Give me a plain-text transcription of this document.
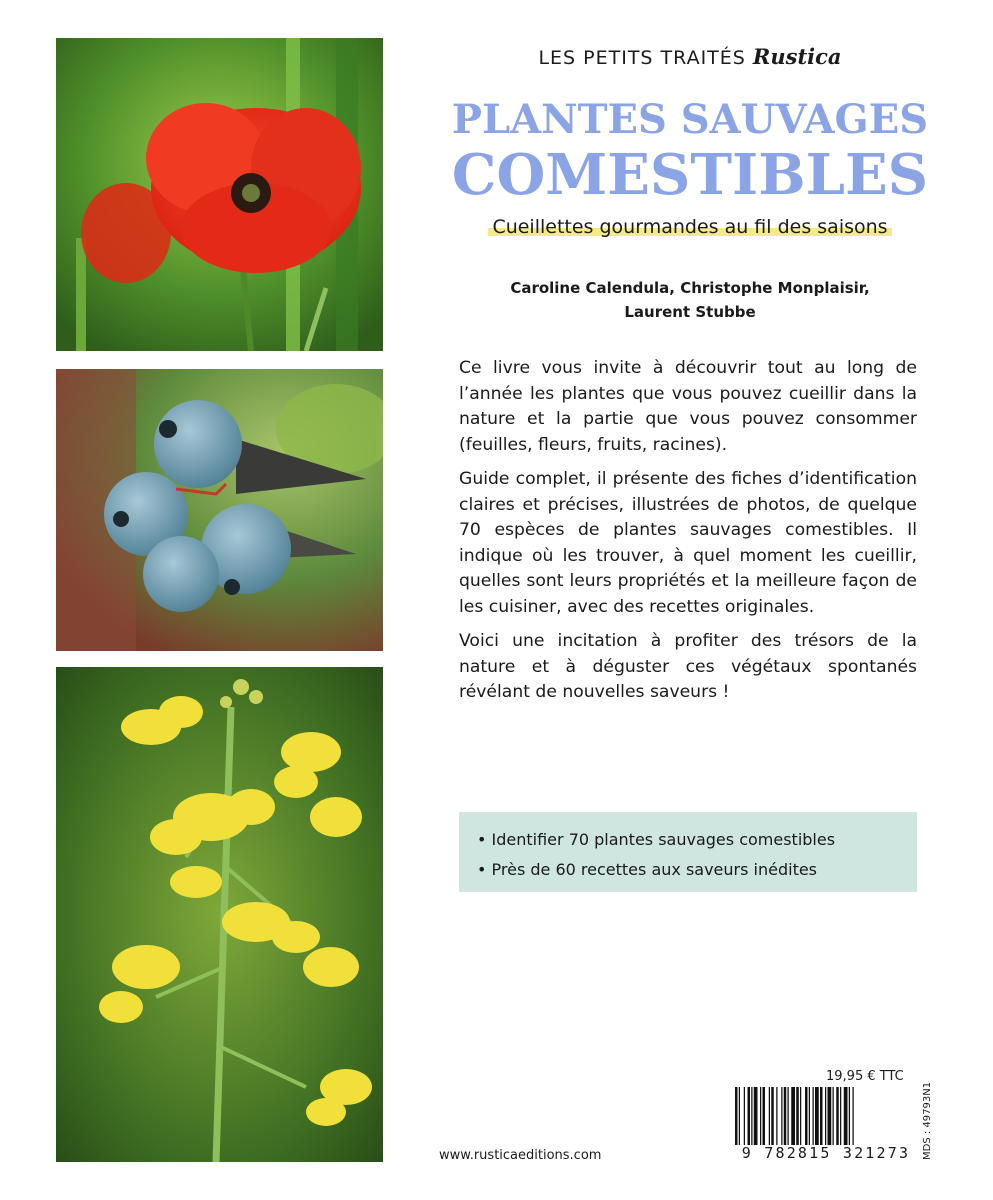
LES PETITS TRAITÉS Rustica
PLANTES SAUVAGES
COMESTIBLES
Cueillettes gourmandes au fil des saisons
Caroline Calendula, Christophe Monplaisir,
Laurent Stubbe

Ce livre vous invite à découvrir tout au long de l’année les plantes que vous pouvez cueillir dans la nature et la partie que vous pouvez consommer (feuilles, fleurs, fruits, racines).

Guide complet, il présente des fiches d’identification claires et précises, illustrées de photos, de quelque 70 espèces de plantes sauvages comestibles. Il indique où les trouver, à quel moment les cueillir, quelles sont leurs propriétés et la meilleure façon de les cuisiner, avec des recettes originales.

Voici une incitation à profiter des trésors de la nature et à déguster ces végétaux spontanés révélant de nouvelles saveurs !

• Identifier 70 plantes sauvages comestibles
• Près de 60 recettes aux saveurs inédites
19,95 € TTC
9 782815 321273	MDS : 49793N1
www.rusticaeditions.com
